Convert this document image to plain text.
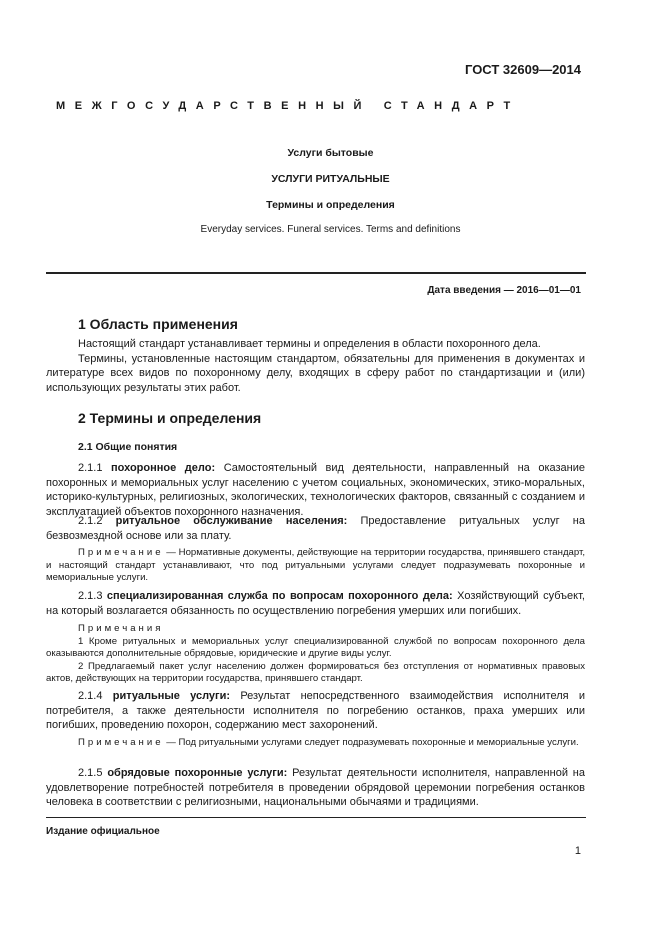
ГОСТ 32609—2014
МЕЖГОСУДАРСТВЕННЫЙ СТАНДАРТ
Услуги бытовые
УСЛУГИ РИТУАЛЬНЫЕ
Термины и определения
Everyday services. Funeral services. Terms and definitions
Дата введения — 2016—01—01
1 Область применения

Настоящий стандарт устанавливает термины и определения в области похоронного дела.

Термины, установленные настоящим стандартом, обязательны для применения в документах и литературе всех видов по похоронному делу, входящих в сферу работ по стандартизации и (или) использующих результаты этих работ.

2 Термины и определения
2.1 Общие понятия

2.1.1 похоронное дело: Самостоятельный вид деятельности, направленный на оказание похоронных и мемориальных услуг населению с учетом социальных, экономических, этико-моральных, историко-культурных, религиозных, экологических, технологических факторов, связанный с созданием и эксплуатацией объектов похоронного назначения.

2.1.2 ритуальное обслуживание населения: Предоставление ритуальных услуг на безвозмездной основе или за плату.

Примечание — Нормативные документы, действующие на территории государства, принявшего стандарт, и настоящий стандарт устанавливают, что под ритуальными услугами следует подразумевать похоронные и мемориальные услуги.

2.1.3 специализированная служба по вопросам похоронного дела: Хозяйствующий субъект, на который возлагается обязанность по осуществлению погребения умерших или погибших.

Примечания

1 Кроме ритуальных и мемориальных услуг специализированной службой по вопросам похоронного дела оказываются дополнительные обрядовые, юридические и другие виды услуг.

2 Предлагаемый пакет услуг населению должен формироваться без отступления от нормативных правовых актов, действующих на территории государства, принявшего стандарт.

2.1.4 ритуальные услуги: Результат непосредственного взаимодействия исполнителя и потребителя, а также деятельности исполнителя по погребению останков, праха умерших или погибших, проведению похорон, содержанию мест захоронений.

Примечание — Под ритуальными услугами следует подразумевать похоронные и мемориальные услуги.

2.1.5 обрядовые похоронные услуги: Результат деятельности исполнителя, направленной на удовлетворение потребностей потребителя в проведении обрядовой церемонии погребения останков человека в соответствии с религиозными, национальными обычаями и традициями.

Издание официальное
1
